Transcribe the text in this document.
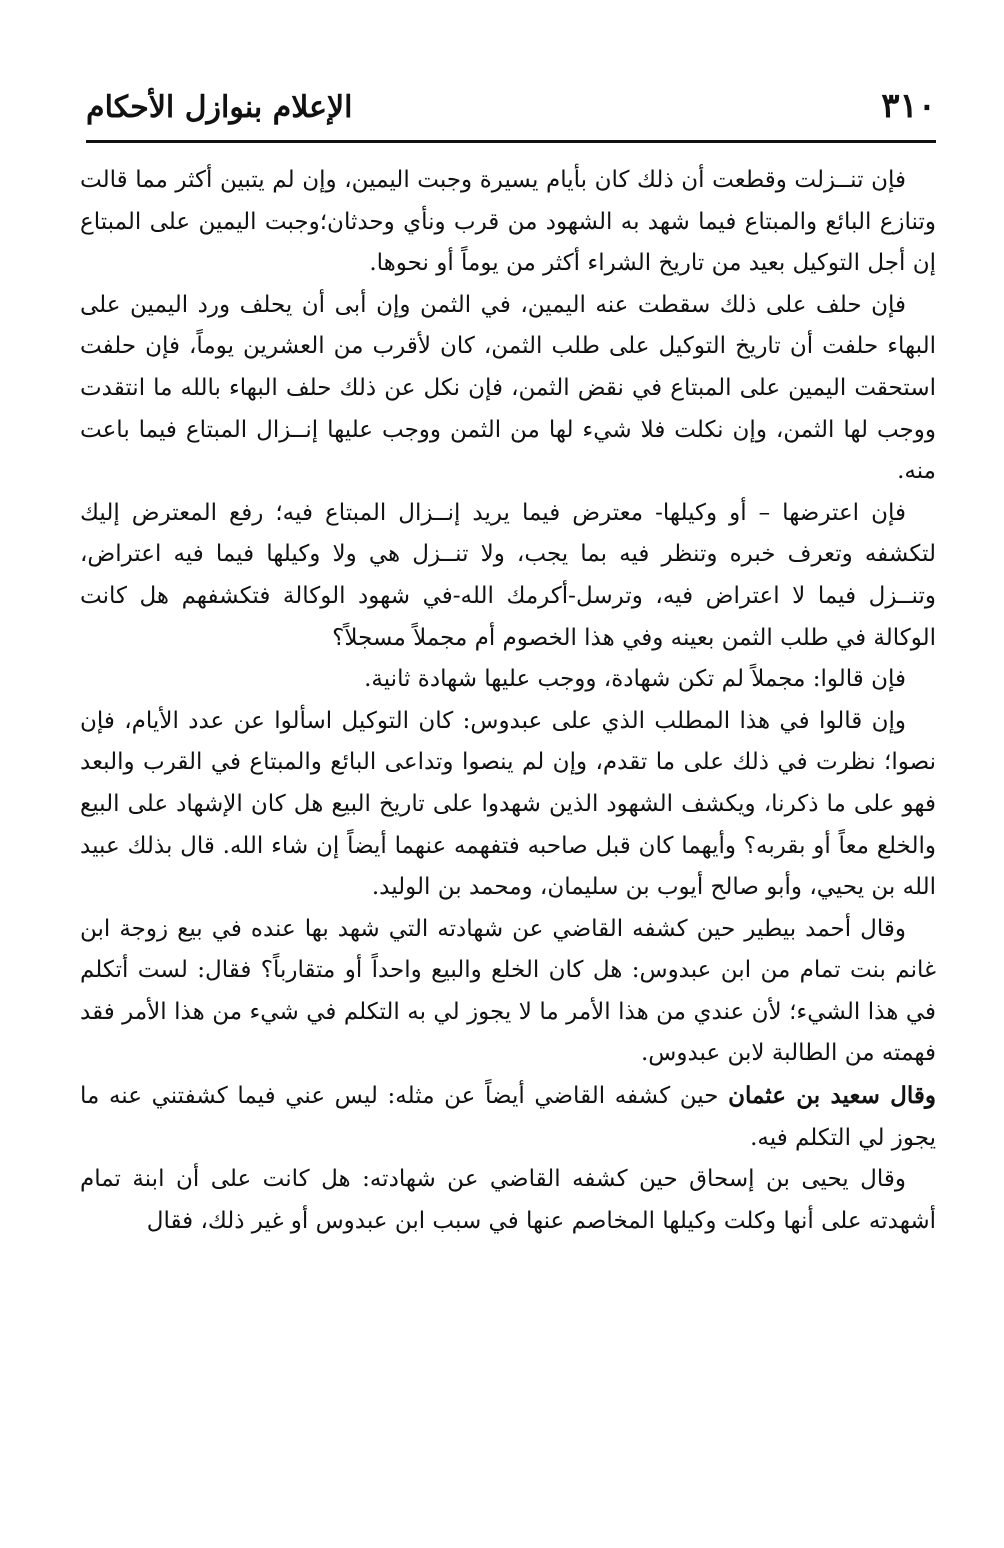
٣١٠
الإعلام بنوازل الأحكام

فإن تنــزلت وقطعت أن ذلك كان بأيام يسيرة وجبت اليمين، وإن لم يتبين أكثر مما قالت وتنازع البائع والمبتاع فيما شهد به الشهود من قرب ونأي وحدثان؛وجبت اليمين على المبتاع إن أجل التوكيل بعيد من تاريخ الشراء أكثر من يوماً أو نحوها.

فإن حلف على ذلك سقطت عنه اليمين، في الثمن وإن أبى أن يحلف ورد اليمين على البهاء حلفت أن تاريخ التوكيل على طلب الثمن، كان لأقرب من العشرين يوماً، فإن حلفت استحقت اليمين على المبتاع في نقض الثمن، فإن نكل عن ذلك حلف البهاء بالله ما انتقدت ووجب لها الثمن، وإن نكلت فلا شيء لها من الثمن ووجب عليها إنــزال المبتاع فيما باعت منه.

فإن اعترضها – أو وكيلها- معترض فيما يريد إنــزال المبتاع فيه؛ رفع المعترض إليك لتكشفه وتعرف خبره وتنظر فيه بما يجب، ولا تنــزل هي ولا وكيلها فيما فيه اعتراض، وتنــزل فيما لا اعتراض فيه، وترسل-أكرمك الله-في شهود الوكالة فتكشفهم هل كانت الوكالة في طلب الثمن بعينه وفي هذا الخصوم أم مجملاً مسجلاً؟

فإن قالوا: مجملاً لم تكن شهادة، ووجب عليها شهادة ثانية.

وإن قالوا في هذا المطلب الذي على عبدوس: كان التوكيل اسألوا عن عدد الأيام، فإن نصوا؛ نظرت في ذلك على ما تقدم، وإن لم ينصوا وتداعى البائع والمبتاع في القرب والبعد فهو على ما ذكرنا، ويكشف الشهود الذين شهدوا على تاريخ البيع هل كان الإشهاد على البيع والخلع معاً أو بقربه؟ وأيهما كان قبل صاحبه فتفهمه عنهما أيضاً إن شاء الله. قال بذلك عبيد الله بن يحيي، وأبو صالح أيوب بن سليمان، ومحمد بن الوليد.

وقال أحمد بيطير حين كشفه القاضي عن شهادته التي شهد بها عنده في بيع زوجة ابن غانم بنت تمام من ابن عبدوس: هل كان الخلع والبيع واحداً أو متقارباً؟ فقال: لست أتكلم في هذا الشيء؛ لأن عندي من هذا الأمر ما لا يجوز لي به التكلم في شيء من هذا الأمر فقد فهمته من الطالبة لابن عبدوس.

وقال سعيد بن عثمان حين كشفه القاضي أيضاً عن مثله: ليس عني فيما كشفتني عنه ما يجوز لي التكلم فيه.

وقال يحيى بن إسحاق حين كشفه القاضي عن شهادته: هل كانت على أن ابنة تمام أشهدته على أنها وكلت وكيلها المخاصم عنها في سبب ابن عبدوس أو غير ذلك، فقال
